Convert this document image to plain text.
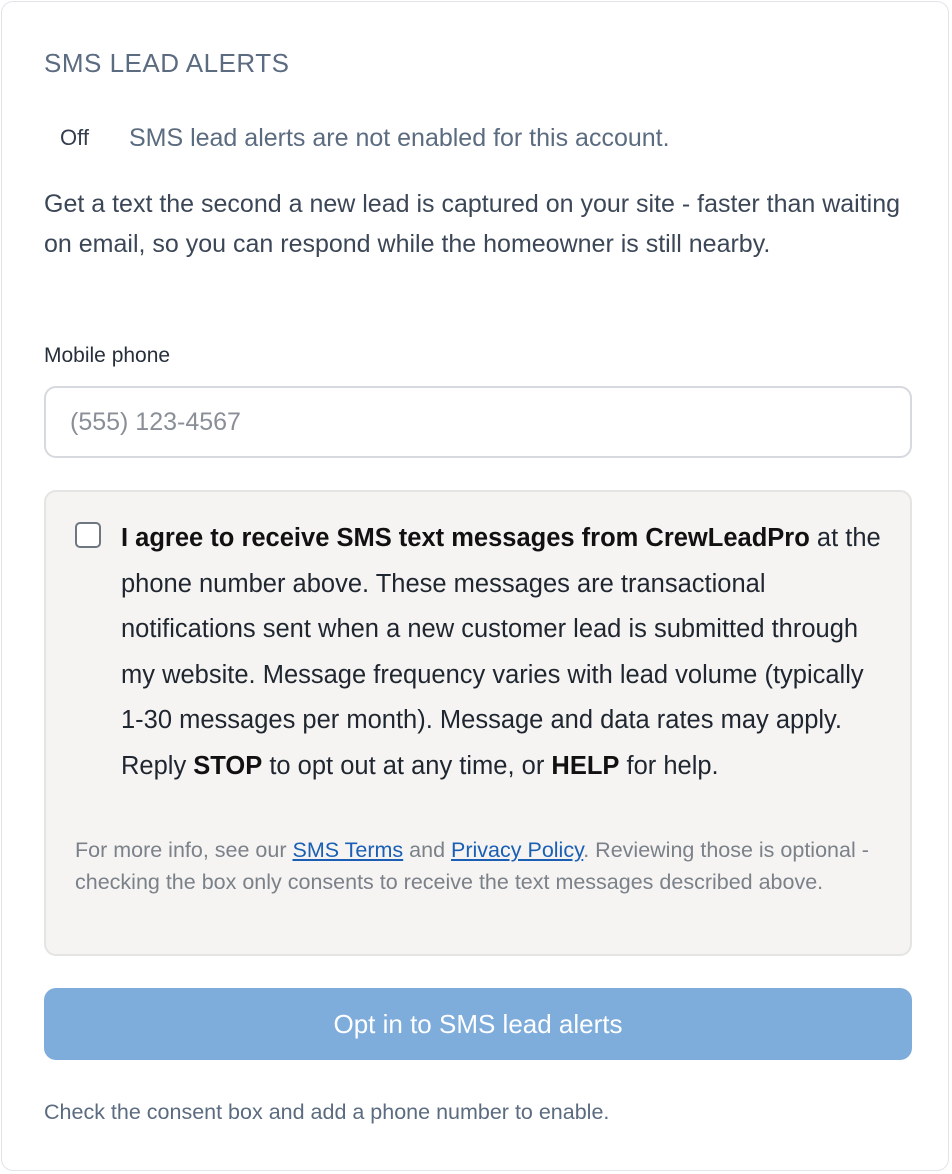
SMS LEAD ALERTS
Off	SMS lead alerts are not enabled for this account.
Get a text the second a new lead is captured on your site - faster than waiting on email, so you can respond while the homeowner is still nearby.
Mobile phone
(555) 123-4567
I agree to receive SMS text messages from CrewLeadPro at the phone number above. These messages are transactional notifications sent when a new customer lead is submitted through my website. Message frequency varies with lead volume (typically 1-30 messages per month). Message and data rates may apply. Reply STOP to opt out at any time, or HELP for help.
For more info, see our SMS Terms and Privacy Policy. Reviewing those is optional - checking the box only consents to receive the text messages described above.
Opt in to SMS lead alerts
Check the consent box and add a phone number to enable.
